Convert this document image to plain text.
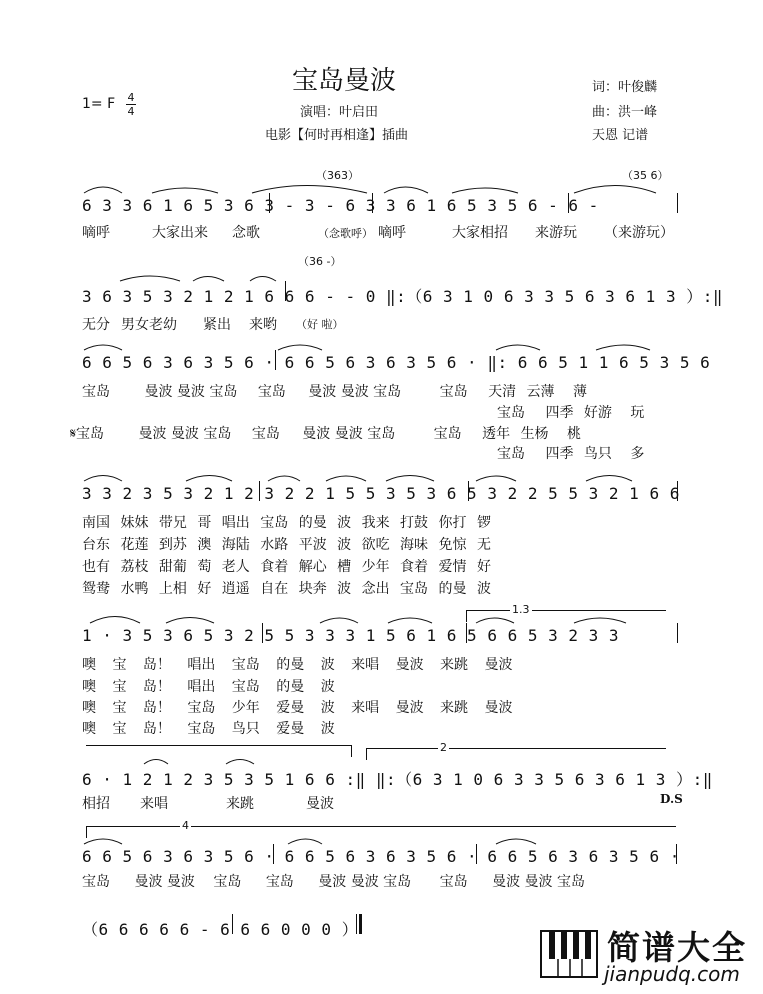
宝岛曼波	词：叶俊麟
演唱：叶启田	曲：洪一峰
电影【何时再相逢】插曲	天恩 记谱
1= F 4
4
（363）	（35 6）
6 3 3 6 1 6 5 3 6 3 - 3 - 6 3 3 6 1 6 5 3 5 6 - 6 -
嘀呼	大家出来 念歌	（念歌呼） 嘀呼	大家相招 来游玩 （来游玩）
（36 -）
3 6 3 5 3 2 1 2 1 6 6 6 - - 0 ‖:（6 3 1 0 6 3 3 5 6 3 6 1 3 ）:‖
无分 男女老幼 紧出 来哟 （好 啦）
6 6 5 6 3 6 3 5 6 · 6 6 5 6 3 6 3 5 6 · ‖: 6 6 5 1 1 6 5 3 5 6
宝岛 曼波 曼波 宝岛 宝岛 曼波 曼波 宝岛	宝岛 天清 云薄 薄
宝岛 四季 好游 玩
𝄋宝岛 曼波 曼波 宝岛 宝岛 曼波 曼波 宝岛	宝岛 透年 生杨 桃
宝岛 四季 鸟只 多
3 3 2 3 5 3 2 1 2 3 2 2 1 5 5 3 5 3 6 5 3 2 2 5 5 3 2 1 6 6
南国 妹妹 带兄 哥 唱出 宝岛 的曼 波 我来 打鼓 你打 锣
台东 花莲 到苏 澳 海陆 水路 平波 波 欲吃 海味 免惊 无
也有 荔枝 甜葡 萄 老人 食着 解心 槽 少年 食着 爱情 好
鸳鸯 水鸭 上相 好 逍遥 自在 块奔 波 念出 宝岛 的曼 波
1.3
1 · 3 5 3 6 5 3 2 5 5 3 3 3 1 5 6 1 6 5 6 6 5 3 2 3 3
噢 宝 岛！ 唱出 宝岛 的曼 波 来唱 曼波 来跳 曼波
噢 宝 岛！ 唱出 宝岛 的曼 波
噢 宝 岛！ 宝岛 少年 爱曼 波 来唱 曼波 来跳 曼波
噢 宝 岛！ 宝岛 鸟只 爱曼 波
2
6 · 1 2 1 2 3 5 3 5 1 6 6 :‖ ‖:（6 3 1 0 6 3 3 5 6 3 6 1 3 ）:‖
相招 来唱	来跳	曼波	D.S
4
6 6 5 6 3 6 3 5 6 · 6 6 5 6 3 6 3 5 6 · 6 6 5 6 3 6 3 5 6 ·
宝岛 曼波 曼波 宝岛 宝岛 曼波 曼波 宝岛 宝岛 曼波 曼波 宝岛
（6 6 6 6 6 - 6 6 6 0 0 0 ）	简谱大全
jianpudq.com
